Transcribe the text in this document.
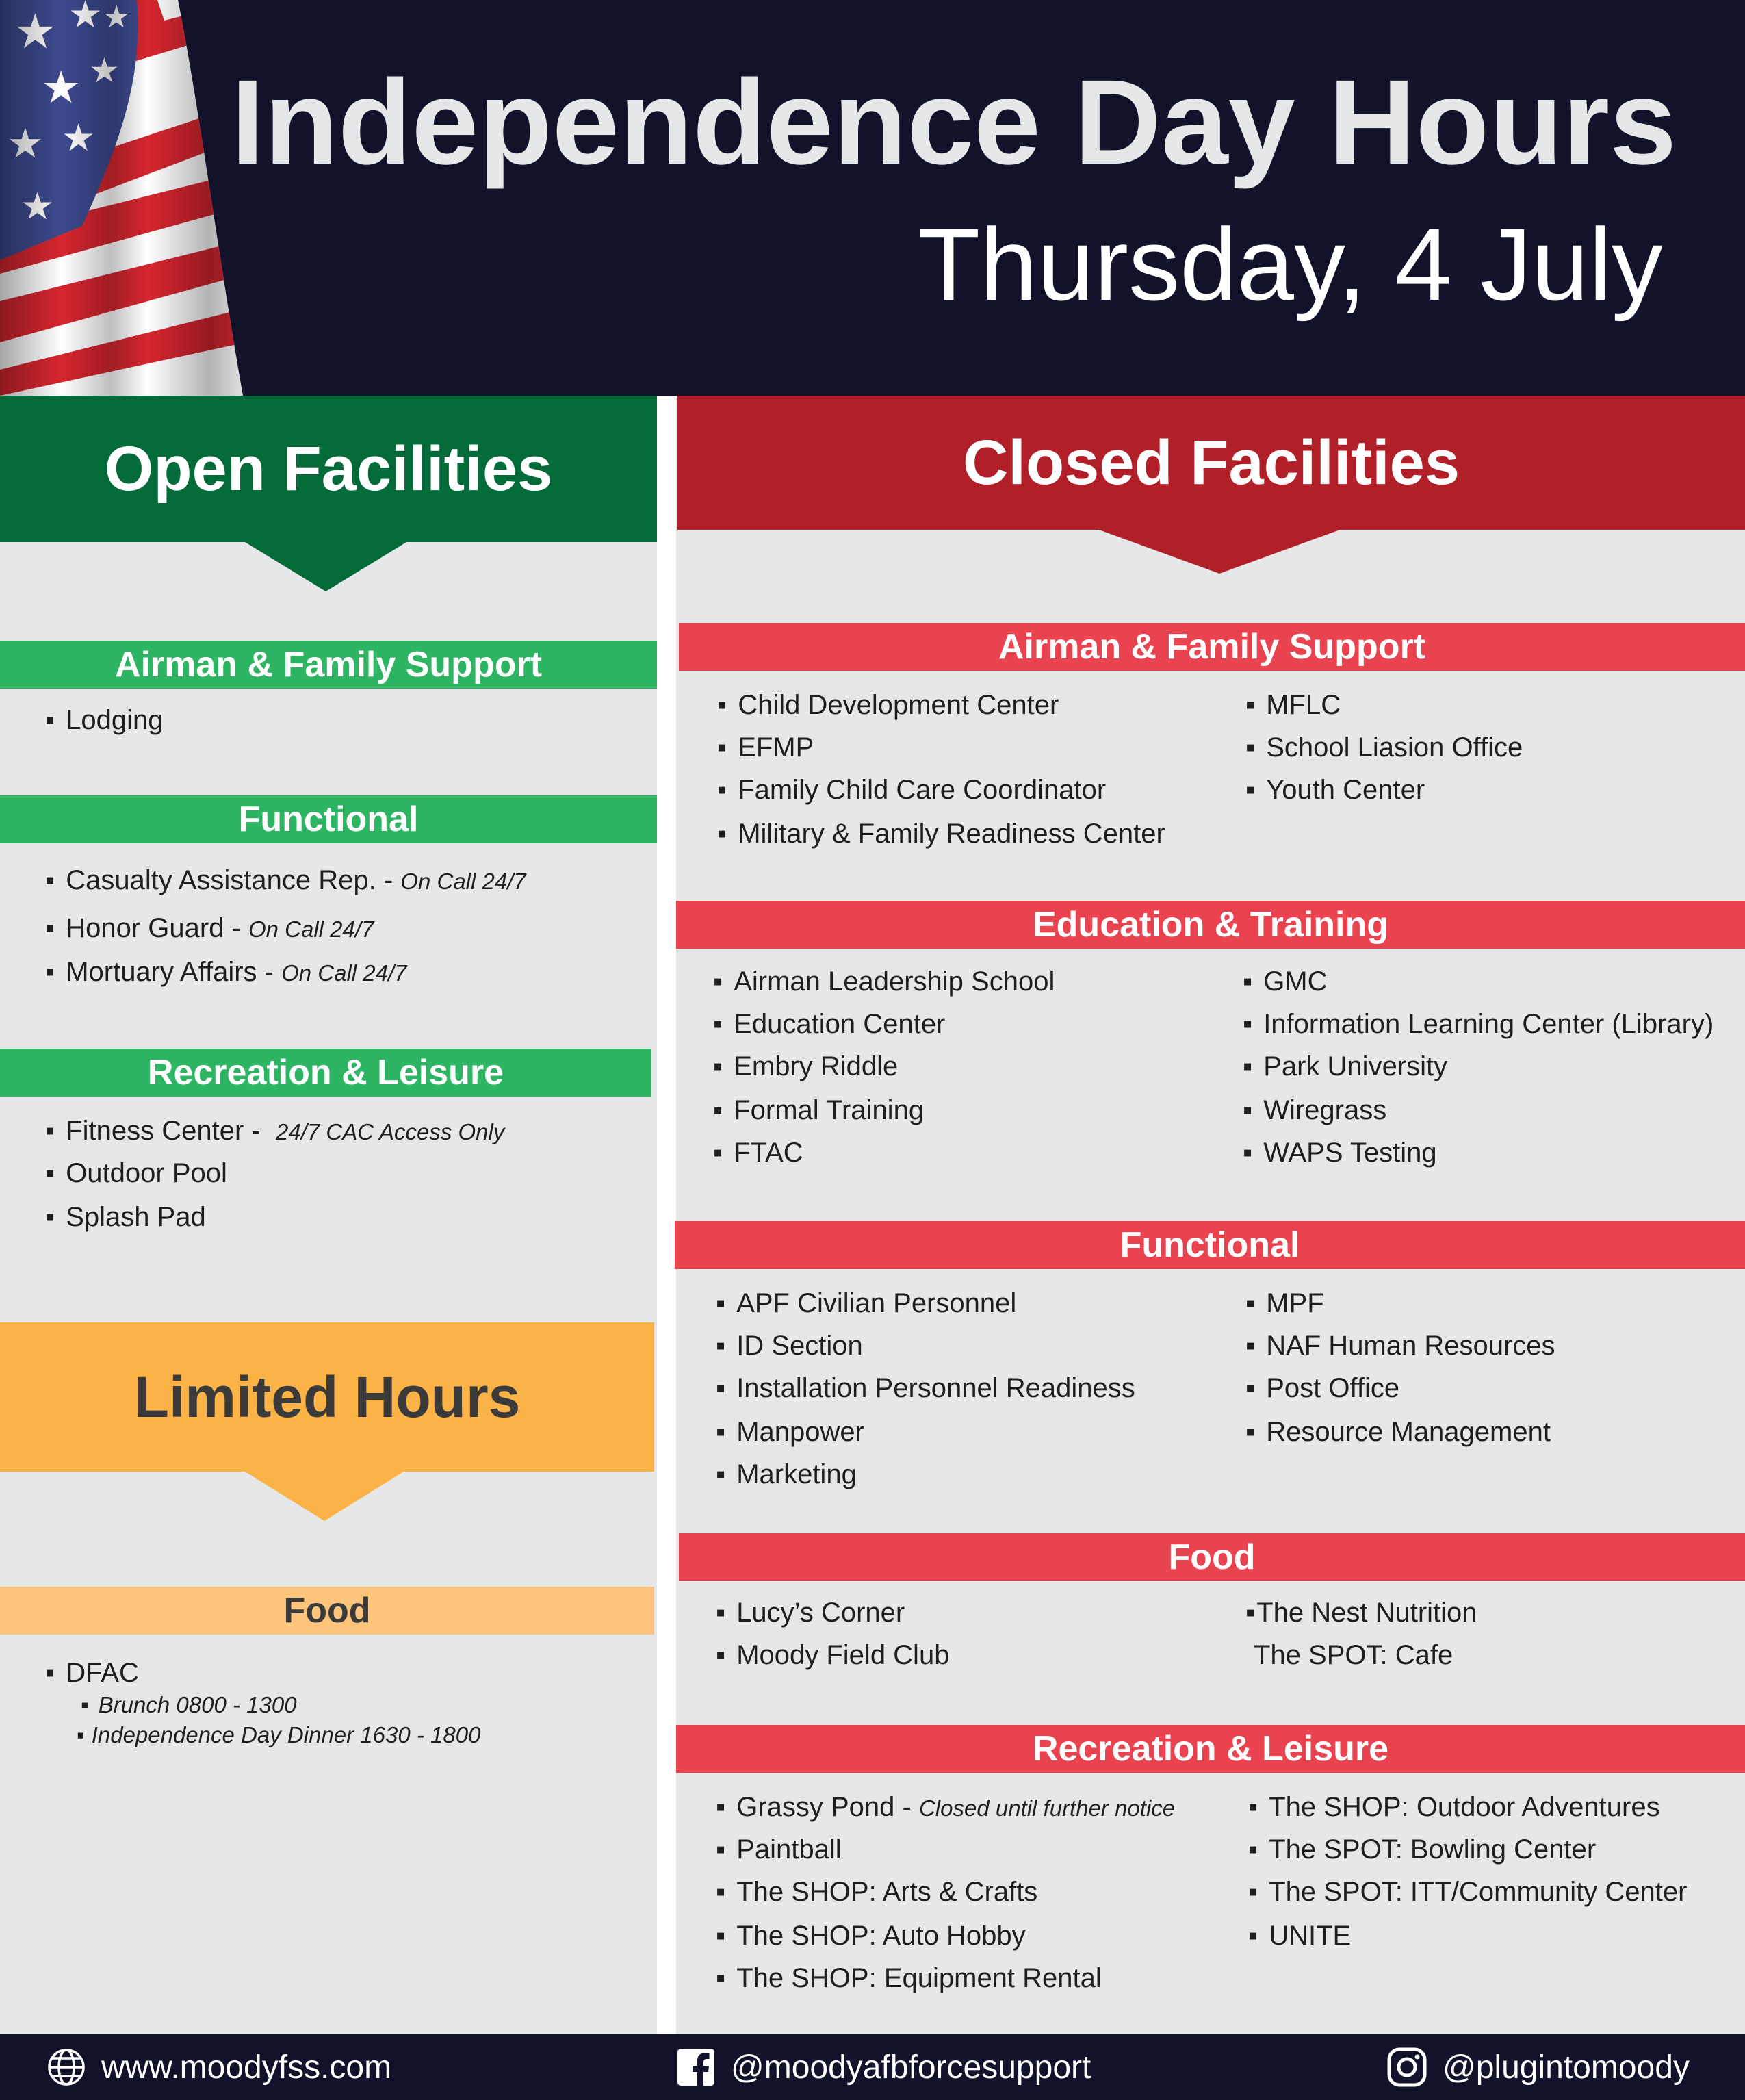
Independence Day Hours
Thursday, 4 July
Open Facilities
Airman & Family Support
▪ Lodging
Functional
▪ Casualty Assistance Rep. - On Call 24/7
▪ Honor Guard - On Call 24/7
▪ Mortuary Affairs - On Call 24/7
Recreation & Leisure
▪ Fitness Center -  24/7 CAC Access Only
▪ Outdoor Pool
▪ Splash Pad
Limited Hours
Food
▪ DFAC
▪ Brunch 0800 - 1300
▪ Independence Day Dinner 1630 - 1800
Closed Facilities
Airman & Family Support
▪ Child Development Center
▪ EFMP
▪ Family Child Care Coordinator
▪ Military & Family Readiness Center
▪ MFLC
▪ School Liasion Office
▪ Youth Center
Education & Training
▪ Airman Leadership School
▪ Education Center
▪ Embry Riddle
▪ Formal Training
▪ FTAC
▪ GMC
▪ Information Learning Center (Library)
▪ Park University
▪ Wiregrass
▪ WAPS Testing
Functional
▪ APF Civilian Personnel
▪ ID Section
▪ Installation Personnel Readiness
▪ Manpower
▪ Marketing
▪ MPF
▪ NAF Human Resources
▪ Post Office
▪ Resource Management
Food
▪ Lucy’s Corner
▪ Moody Field Club
▪The Nest Nutrition
The SPOT: Cafe
Recreation & Leisure
▪ Grassy Pond - Closed until further notice
▪ Paintball
▪ The SHOP: Arts & Crafts
▪ The SHOP: Auto Hobby
▪ The SHOP: Equipment Rental
▪ The SHOP: Outdoor Adventures
▪ The SPOT: Bowling Center
▪ The SPOT: ITT/Community Center
▪ UNITE
www.moodyfss.com	@moodyafbforcesupport	@plugintomoody
